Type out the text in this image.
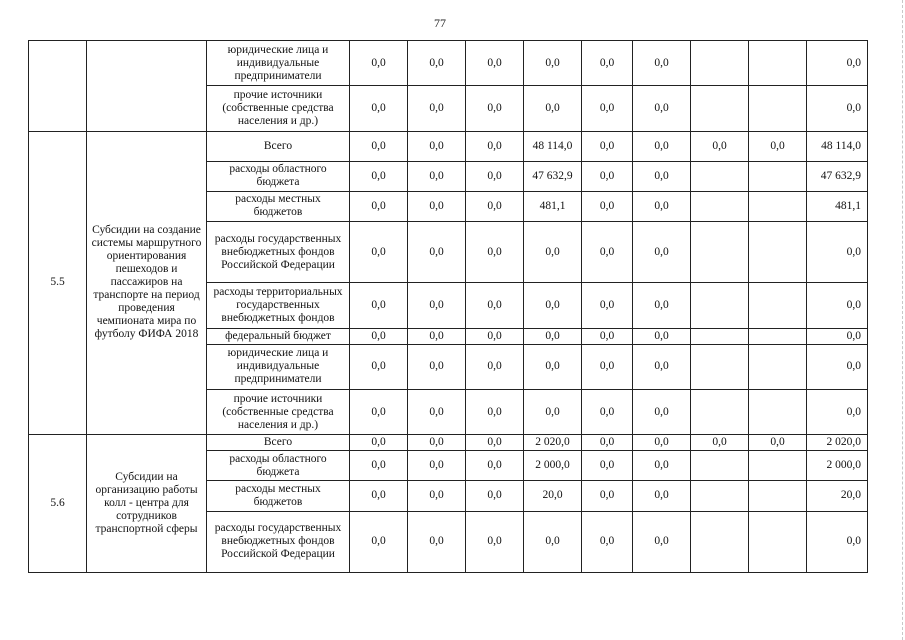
77
		юридические лица и индивидуальные предприниматели	0,0	0,0	0,0	0,0	0,0	0,0			0,0
		прочие источники (собственные средства населения и др.)	0,0	0,0	0,0	0,0	0,0	0,0			0,0
5.5	Субсидии на создание системы маршрутного ориентирования пешеходов и пассажиров на транспорте на период проведения чемпионата мира по футболу ФИФА 2018	Всего	0,0	0,0	0,0	48 114,0	0,0	0,0	0,0	0,0	48 114,0
		расходы областного бюджета	0,0	0,0	0,0	47 632,9	0,0	0,0			47 632,9
		расходы местных бюджетов	0,0	0,0	0,0	481,1	0,0	0,0			481,1
		расходы государственных внебюджетных фондов Российской Федерации	0,0	0,0	0,0	0,0	0,0	0,0			0,0
		расходы территориальных государственных внебюджетных фондов	0,0	0,0	0,0	0,0	0,0	0,0			0,0
		федеральный бюджет	0,0	0,0	0,0	0,0	0,0	0,0			0,0
		юридические лица и индивидуальные предприниматели	0,0	0,0	0,0	0,0	0,0	0,0			0,0
		прочие источники (собственные средства населения и др.)	0,0	0,0	0,0	0,0	0,0	0,0			0,0
5.6	Субсидии на организацию работы колл - центра для сотрудников транспортной сферы	Всего	0,0	0,0	0,0	2 020,0	0,0	0,0	0,0	0,0	2 020,0
		расходы областного бюджета	0,0	0,0	0,0	2 000,0	0,0	0,0			2 000,0
		расходы местных бюджетов	0,0	0,0	0,0	20,0	0,0	0,0			20,0
		расходы государственных внебюджетных фондов Российской Федерации	0,0	0,0	0,0	0,0	0,0	0,0			0,0
